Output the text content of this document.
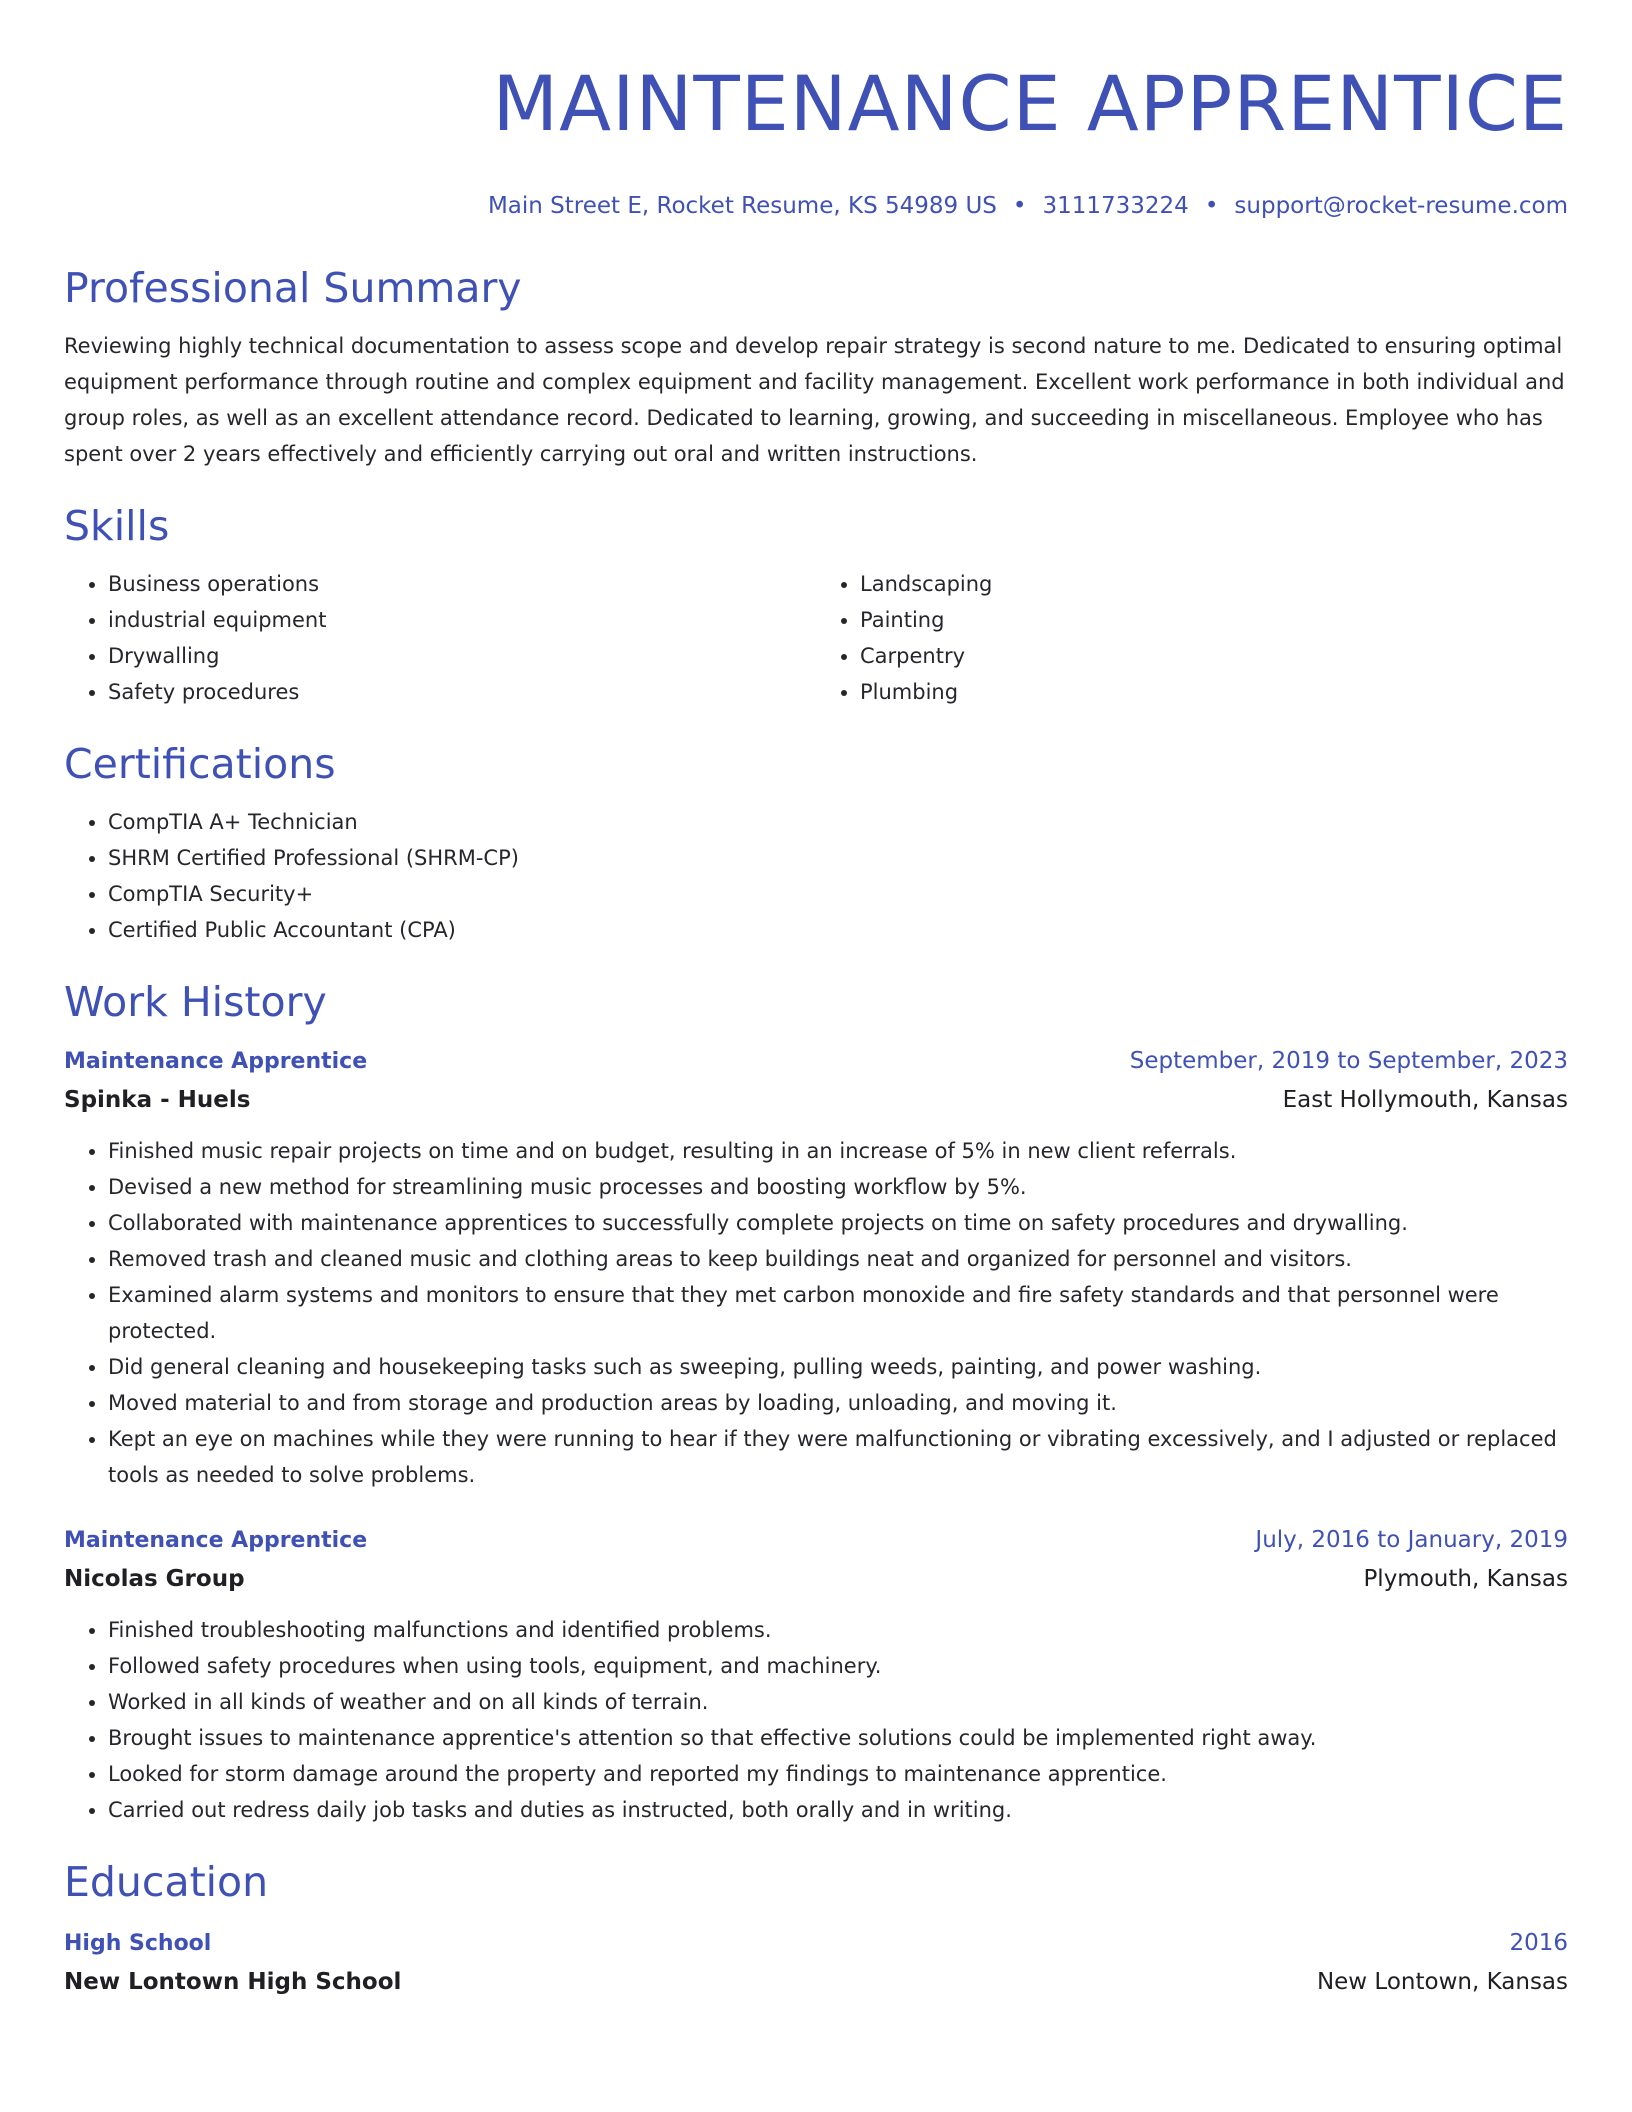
MAINTENANCE APPRENTICE
Main Street E, Rocket Resume, KS 54989 US • 3111733224 • support@rocket-resume.com
Professional Summary
Reviewing highly technical documentation to assess scope and develop repair strategy is second nature to me. Dedicated to ensuring optimal equipment performance through routine and complex equipment and facility management. Excellent work performance in both individual and group roles, as well as an excellent attendance record. Dedicated to learning, growing, and succeeding in miscellaneous. Employee who has spent over 2 years effectively and efficiently carrying out oral and written instructions.
Skills
• Business operations
• industrial equipment
• Drywalling
• Safety procedures
• Landscaping
• Painting
• Carpentry
• Plumbing
Certifications
• CompTIA A+ Technician
• SHRM Certified Professional (SHRM-CP)
• CompTIA Security+
• Certified Public Accountant (CPA)
Work History
Maintenance Apprentice	September, 2019 to September, 2023
Spinka - Huels	East Hollymouth, Kansas
• Finished music repair projects on time and on budget, resulting in an increase of 5% in new client referrals.
• Devised a new method for streamlining music processes and boosting workflow by 5%.
• Collaborated with maintenance apprentices to successfully complete projects on time on safety procedures and drywalling.
• Removed trash and cleaned music and clothing areas to keep buildings neat and organized for personnel and visitors.
• Examined alarm systems and monitors to ensure that they met carbon monoxide and fire safety standards and that personnel were protected.
• Did general cleaning and housekeeping tasks such as sweeping, pulling weeds, painting, and power washing.
• Moved material to and from storage and production areas by loading, unloading, and moving it.
• Kept an eye on machines while they were running to hear if they were malfunctioning or vibrating excessively, and I adjusted or replaced tools as needed to solve problems.
Maintenance Apprentice	July, 2016 to January, 2019
Nicolas Group	Plymouth, Kansas
• Finished troubleshooting malfunctions and identified problems.
• Followed safety procedures when using tools, equipment, and machinery.
• Worked in all kinds of weather and on all kinds of terrain.
• Brought issues to maintenance apprentice's attention so that effective solutions could be implemented right away.
• Looked for storm damage around the property and reported my findings to maintenance apprentice.
• Carried out redress daily job tasks and duties as instructed, both orally and in writing.
Education
High School	2016
New Lontown High School	New Lontown, Kansas
